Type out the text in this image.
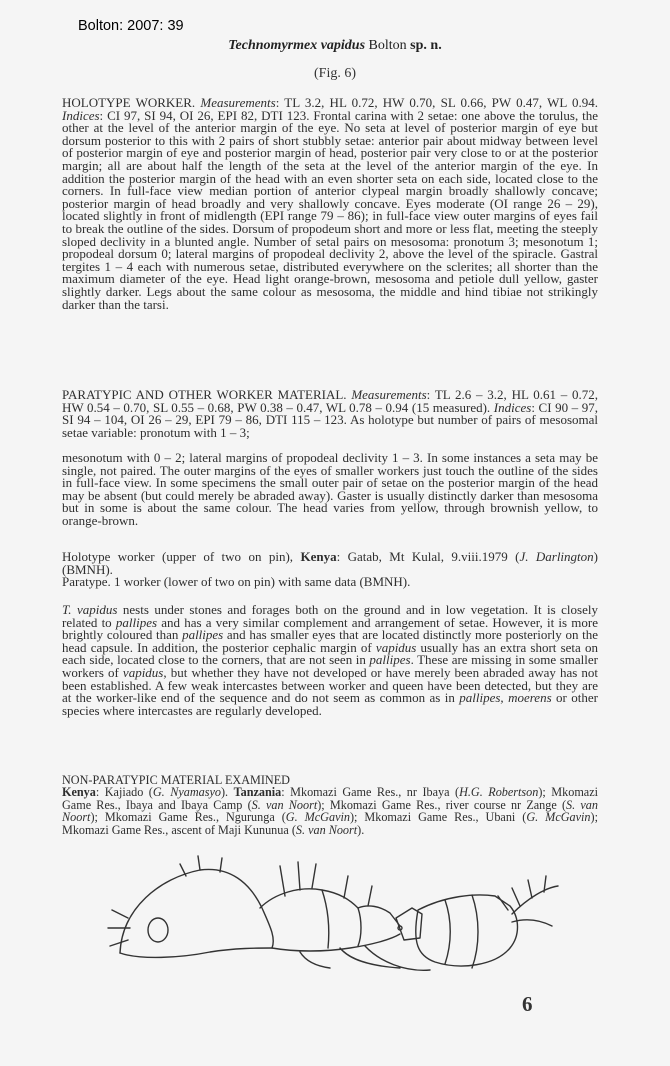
Bolton: 2007: 39
Technomyrmex vapidus Bolton sp. n.
(Fig. 6)

HOLOTYPE WORKER. Measurements: TL 3.2, HL 0.72, HW 0.70, SL 0.66, PW 0.47, WL 0.94. Indices: CI 97, SI 94, OI 26, EPI 82, DTI 123. Frontal carina with 2 setae: one above the torulus, the other at the level of the anterior margin of the eye. No seta at level of posterior margin of eye but dorsum posterior to this with 2 pairs of short stubbly setae: anterior pair about midway between level of posterior margin of eye and posterior margin of head, posterior pair very close to or at the posterior margin; all are about half the length of the seta at the level of the anterior margin of the eye. In addition the posterior margin of the head with an even shorter seta on each side, located close to the corners. In full-face view median portion of anterior clypeal margin broadly shallowly concave; posterior margin of head broadly and very shallowly concave. Eyes moderate (OI range 26 – 29), located slightly in front of midlength (EPI range 79 – 86); in full-face view outer margins of eyes fail to break the outline of the sides. Dorsum of propodeum short and more or less flat, meeting the steeply sloped declivity in a blunted angle. Number of setal pairs on mesosoma: pronotum 3; mesonotum 1; propodeal dorsum 0; lateral margins of propodeal declivity 2, above the level of the spiracle. Gastral tergites 1 – 4 each with numerous setae, distributed everywhere on the sclerites; all shorter than the maximum diameter of the eye. Head light orange-brown, mesosoma and petiole dull yellow, gaster slightly darker. Legs about the same colour as mesosoma, the middle and hind tibiae not strikingly darker than the tarsi.

PARATYPIC AND OTHER WORKER MATERIAL. Measurements: TL 2.6 – 3.2, HL 0.61 – 0.72, HW 0.54 – 0.70, SL 0.55 – 0.68, PW 0.38 – 0.47, WL 0.78 – 0.94 (15 measured). Indices: CI 90 – 97, SI 94 – 104, OI 26 – 29, EPI 79 – 86, DTI 115 – 123. As holotype but number of pairs of mesosomal setae variable: pronotum with 1 – 3;

mesonotum with 0 – 2; lateral margins of propodeal declivity 1 – 3. In some instances a seta may be single, not paired. The outer margins of the eyes of smaller workers just touch the outline of the sides in full-face view. In some specimens the small outer pair of setae on the posterior margin of the head may be absent (but could merely be abraded away). Gaster is usually distinctly darker than mesosoma but in some is about the same colour. The head varies from yellow, through brownish yellow, to orange-brown.

Holotype worker (upper of two on pin), Kenya: Gatab, Mt Kulal, 9.viii.1979 (J. Darlington) (BMNH).
Paratype. 1 worker (lower of two on pin) with same data (BMNH).

T. vapidus nests under stones and forages both on the ground and in low vegetation. It is closely related to pallipes and has a very similar complement and arrangement of setae. However, it is more brightly coloured than pallipes and has smaller eyes that are located distinctly more posteriorly on the head capsule. In addition, the posterior cephalic margin of vapidus usually has an extra short seta on each side, located close to the corners, that are not seen in pallipes. These are missing in some smaller workers of vapidus, but whether they have not developed or have merely been abraded away has not been established. A few weak intercastes between worker and queen have been detected, but they are at the worker-like end of the sequence and do not seem as common as in pallipes, moerens or other species where intercastes are regularly developed.

NON-PARATYPIC MATERIAL EXAMINED
Kenya: Kajiado (G. Nyamasyo). Tanzania: Mkomazi Game Res., nr Ibaya (H.G. Robertson); Mkomazi Game Res., Ibaya and Ibaya Camp (S. van Noort); Mkomazi Game Res., river course nr Zange (S. van Noort); Mkomazi Game Res., Ngurunga (G. McGavin); Mkomazi Game Res., Ubani (G. McGavin); Mkomazi Game Res., ascent of Maji Kununua (S. van Noort).

6
